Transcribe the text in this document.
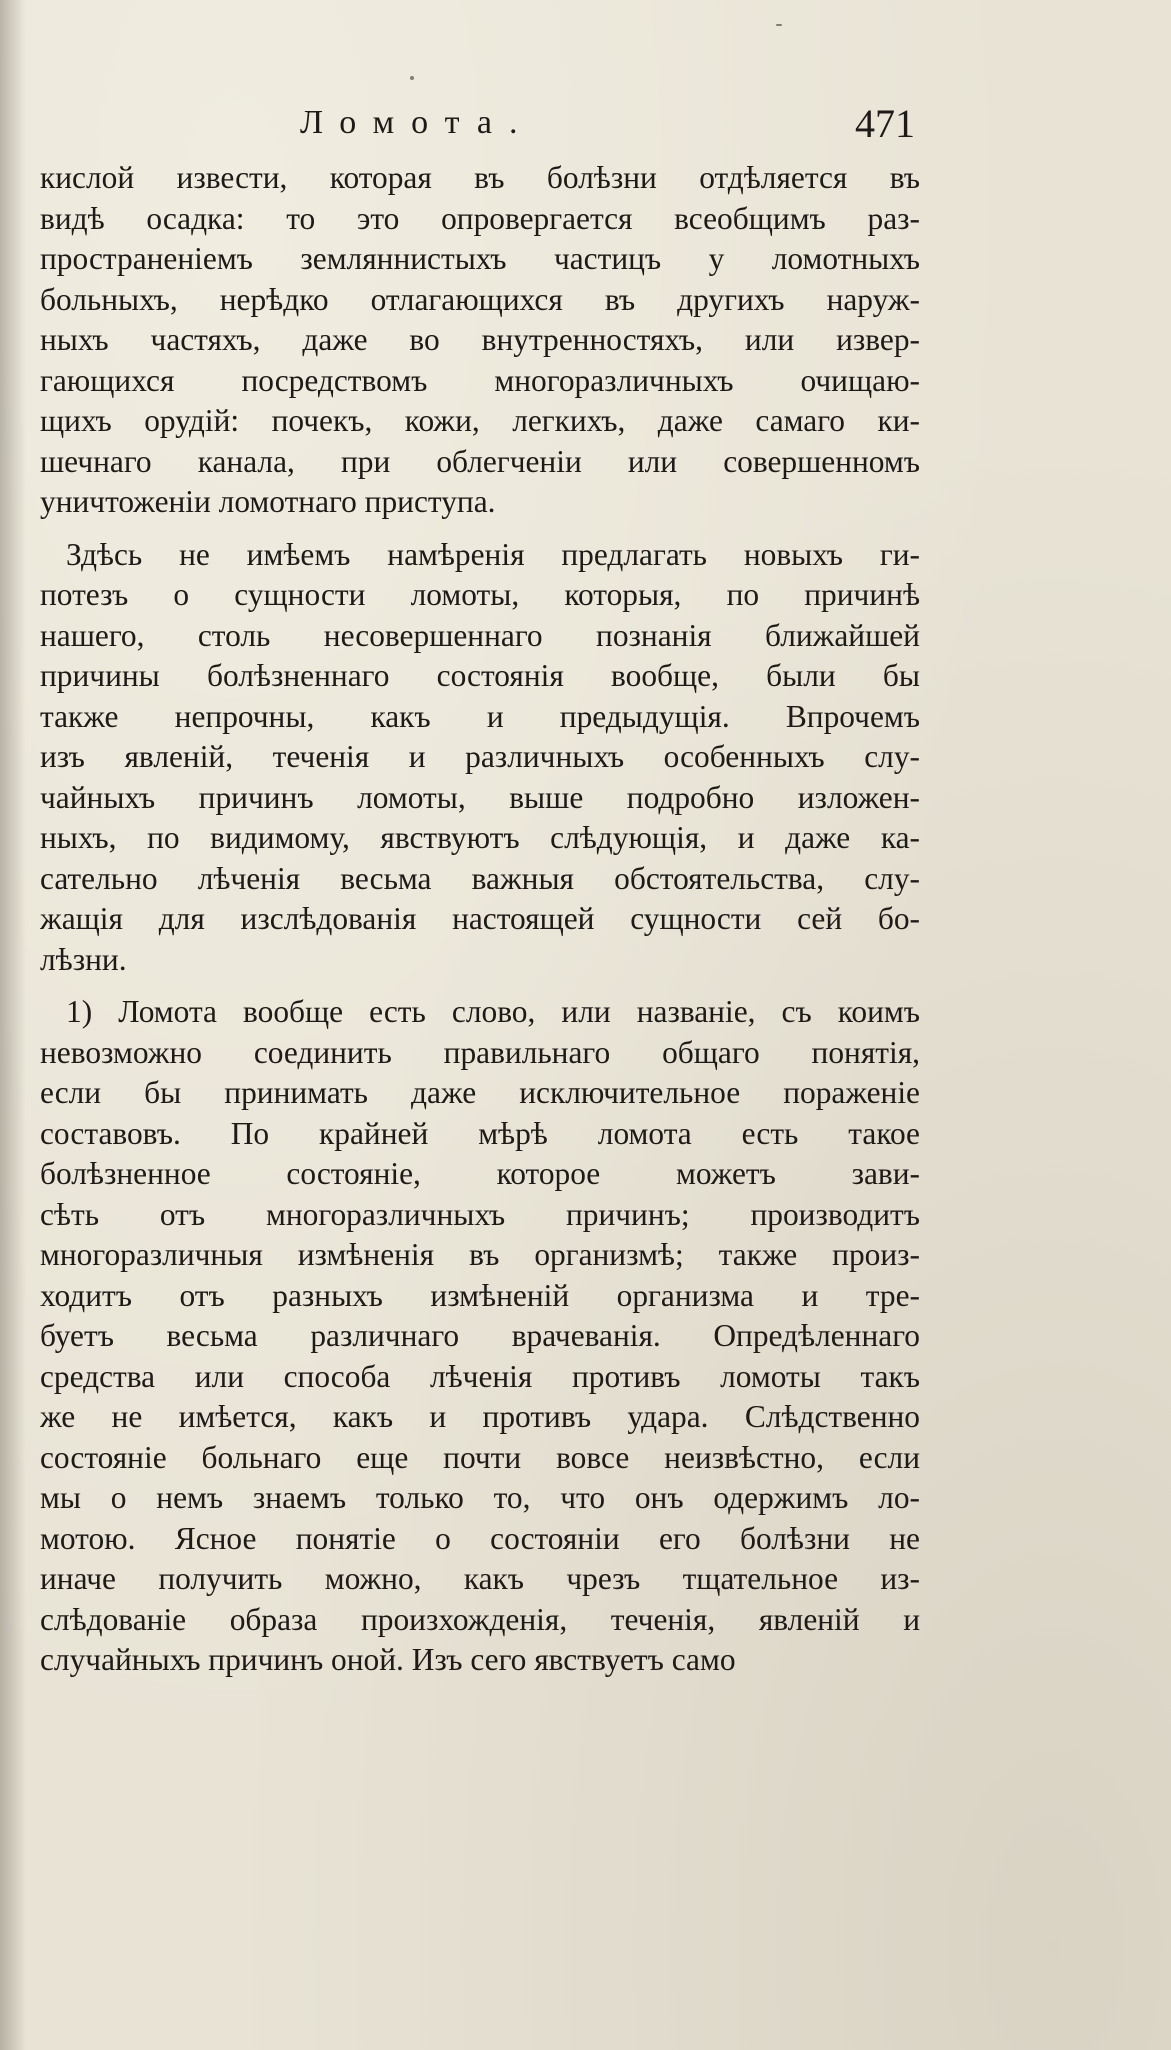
Ломота.	471
кислой извести, которая въ болѣзни отдѣляется въ
видѣ осадка: то это опровергается всеобщимъ раз-
пространеніемъ земляннистыхъ частицъ у ломотныхъ
больныхъ, нерѣдко отлагающихся въ другихъ наруж-
ныхъ частяхъ, даже во внутренностяхъ, или извер-
гающихся посредствомъ многоразличныхъ очищаю-
щихъ орудій: почекъ, кожи, легкихъ, даже самаго ки-
шечнаго канала, при облегченіи или совершенномъ
уничтоженіи ломотнаго приступа.
Здѣсь не имѣемъ намѣренія предлагать новыхъ ги-
потезъ о сущности ломоты, которыя, по причинѣ
нашего, столь несовершеннаго познанія ближайшей
причины болѣзненнаго состоянія вообще, были бы
также непрочны, какъ и предыдущія. Впрочемъ
изъ явленій, теченія и различныхъ особенныхъ слу-
чайныхъ причинъ ломоты, выше подробно изложен-
ныхъ, по видимому, явствуютъ слѣдующія, и даже ка-
сательно лѣченія весьма важныя обстоятельства, слу-
жащія для изслѣдованія настоящей сущности сей бо-
лѣзни.
1) Ломота вообще есть слово, или названіе, съ коимъ
невозможно соединить правильнаго общаго понятія,
если бы принимать даже исключительное пораженіе
составовъ. По крайней мѣрѣ ломота есть такое
болѣзненное состояніе, которое можетъ зави-
сѣть отъ многоразличныхъ причинъ; производитъ
многоразличныя измѣненія въ организмѣ; также произ-
ходитъ отъ разныхъ измѣненій организма и тре-
буетъ весьма различнаго врачеванія. Опредѣленнаго
средства или способа лѣченія противъ ломоты такъ
же не имѣется, какъ и противъ удара. Слѣдственно
состояніе больнаго еще почти вовсе неизвѣстно, если
мы о немъ знаемъ только то, что онъ одержимъ ло-
мотою. Ясное понятіе о состояніи его болѣзни не
иначе получить можно, какъ чрезъ тщательное из-
слѣдованіе образа произхожденія, теченія, явленій и
случайныхъ причинъ оной. Изъ сего явствуетъ само
